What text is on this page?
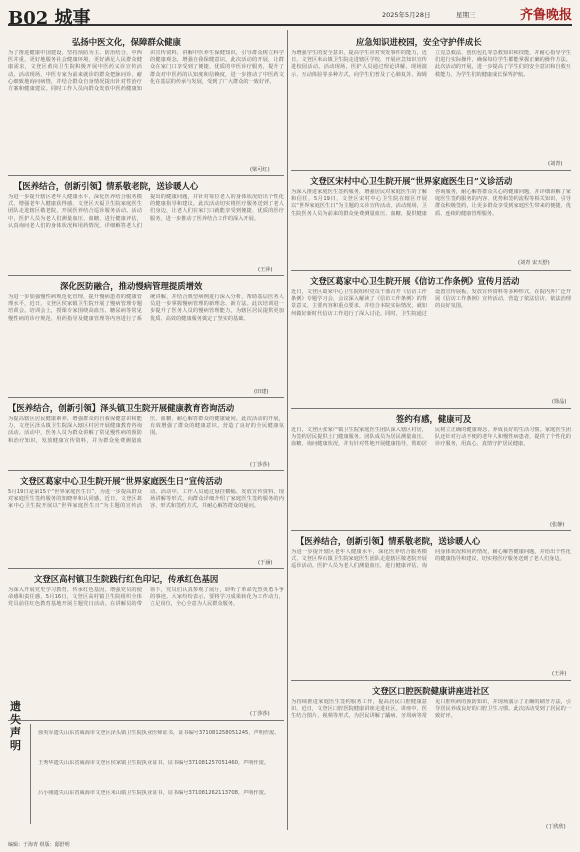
B02 城事	2025年5月28日	星期三	齐鲁晚报
弘扬中医文化，保障群众健康
为了推进健康中国建设，坚持预防为主、防治结合，中西医并重，更好地服务社会健康环境，更好满足人民群众健康需求，文登区黄岗卫生院积极开展中医药义诊宣传活动。活动现场，中医专家为前来就诊的群众把脉问诊，耐心细致地询问病情，并结合群众自身情况提出针对性治疗方案和健康建议。同时工作人员向群众发放中医药健康知识宣传资料，讲解中医养生保健知识，引导群众树立科学的健康观念，增强自我保健意识。此次活动的开展，让群众在家门口享受到了便捷、优质的中医诊疗服务，提升了群众对中医药的认知度和信赖度，进一步推动了中医药文化在基层的传承与发展，受到了广大群众的一致好评。
(梁可红)
应急知识进校园，安全守护伴成长
为增强学生的安全意识，提高学生应对突发事件的能力，近日，文登区米山镇卫生院走进辖区学校，开展应急知识宣传进校园活动。活动现场，医护人员通过理论讲解、现场演示、互动体验等多种方式，向学生们普及了心肺复苏、海姆立克急救法、创伤包扎等急救知识和技能，并耐心指导学生们进行实际操作，确保每位学生都能掌握正确的操作方法。此次活动的开展，进一步提高了学生们的安全意识和自救互救能力，为学生们的健康成长保驾护航。
(刘青)
【医养结合，创新引领】情系敬老院，送诊暖人心
为进一步提升辖区老年人健康水平，深化医养结合服务模式，增强老年人健康获得感，文登区天福卫生院家庭医生团队走进辖区敬老院，开展医养结合巡诊服务活动。活动中，医护人员为老人们测量血压、血糖，进行健康评估，认真询问老人们的身体状况和用药情况，详细解答老人们提出的健康问题，并针对每位老人的身体状况给出个性化的健康指导和建议。此次活动切实将医疗服务送到了老人们身边，让老人们在家门口就能享受到便捷、优质的医疗服务，进一步推动了医养结合工作的深入开展。
(王萍)
文登区宋村中心卫生院开展“世界家庭医生日”义诊活动
为深入推进家庭医生签约服务，增强居民对家庭医生的了解和信任，5月19日，文登区宋村中心卫生院在辖区开展以“世界家庭医生日”为主题的义诊宣传活动。活动现场，卫生院医务人员为前来的群众免费测量血压、血糖，提供健康咨询服务，耐心解答群众关心的健康问题，并详细讲解了家庭医生签约服务的内容、优势和签约流程等相关知识，引导群众积极签约，让更多群众享受到家庭医生带来的便捷、优质、连续的健康管理服务。
(刘青 宋天舒)
深化医防融合，推动慢病管理提质增效
为进一步加强慢性病规范化管理，提升慢病患者的健康管理水平，近日，文登区侯家镇卫生院开展了慢病管理专题培训会。培训会上，授课专家围绕高血压、糖尿病等常见慢性病的诊疗规范、用药指导及健康管理等内容进行了系统讲解，并结合典型病例进行深入分析，帮助基层医务人员进一步掌握慢病管理的新理念、新方法。此次培训进一步提升了医务人员的慢病管理能力，为辖区居民提供更加优质、高效的健康服务奠定了坚实的基础。
(田建)
文登区葛家中心卫生院开展《信访工作条例》宣传月活动
近日，文登区葛家中心卫生院组织党员干部召开《信访工作条例》专题学习会，会议深入解读了《信访工作条例》的背景意义、主要内容和重点要求，并结合本院实际情况，就如何做好新时代信访工作进行了深入讨论。同时，卫生院通过设置宣传展板、发放宣传资料等多种形式，在院内外广泛开展《信访工作条例》宣传活动，营造了依法信访、依法治理的良好氛围。
(徐晶)
【医养结合，创新引领】泽头镇卫生院开展健康教育咨询活动
为提高辖区居民健康素养，增强群众的自我保健意识和能力，文登区泽头镇卫生院深入辖区村居开展健康教育咨询活动。活动中，医务人员为群众讲解了常见慢性病的预防和治疗知识，发放健康宣传资料，并为群众免费测量血压、血糖，耐心解答群众的健康疑问。此次活动的开展，有效增强了群众的健康意识，营造了良好的全民健康氛围。
(丁莎莎)
签约有感，健康可及
近日，文登区张家产镇卫生院家庭医生团队深入辖区村居，为签约居民提供上门健康服务。团队成员为居民测量血压、血糖，询问健康状况，并有针对性地开展健康指导，帮助居民树立正确的健康观念，养成良好的生活习惯。家庭医生团队还针对行动不便的老年人和慢性病患者，提供了个性化的诊疗服务，用真心、真情守护居民健康。
(张静)
文登区葛家中心卫生院开展“世界家庭医生日”宣传活动
5月19日是第15个“世界家庭医生日”，为进一步提高群众对家庭医生签约服务的知晓率和认同感，近日，文登区葛家中心卫生院开展以“世界家庭医生日”为主题的宣传活动。活动中，工作人员通过悬挂横幅、发放宣传资料、现场讲解等形式，向群众详细介绍了家庭医生签约服务的内容、形式和签约方式，并耐心解答群众的疑问。
(于涵)
【医养结合，创新引领】情系敬老院，送诊暖人心
为进一步提升辖区老年人健康水平，深化医养结合服务模式，文登区界石镇卫生院家庭医生团队走进辖区敬老院开展巡诊活动。医护人员为老人们测量血压，进行健康评估，询问身体状况和用药情况，耐心解答健康问题，并给出个性化的健康指导和建议，切实将医疗服务送到了老人们身边。
(王萍)
文登区高村镇卫生院践行红色印记，传承红色基因
为深入开展党史学习教育，传承红色基因，增强党员的使命感和责任感，5月16日，文登区高村镇卫生院组织全体党员前往红色教育基地开展主题党日活动。在讲解员的带领下，党员们认真参观了展厅，聆听了革命先烈英勇斗争的事迹。大家纷纷表示，要将学习成果转化为工作动力，立足岗位，全心全意为人民群众服务。
(丁莎莎)
文登区口腔医院健康讲座进社区
为持续推进家庭医生签约服务工作，提高居民口腔健康意识，近日，文登区口腔医院健康讲座走进社区。讲座中，医生结合图片、视频等形式，为居民讲解了龋病、牙周病等常见口腔疾病的预防知识，并现场演示了正确的刷牙方法，引导居民养成良好的口腔卫生习惯。此次活动受到了居民的一致好评。
(丁欣欣)
遗失声明
徐英军遗失山东省威海市文登区泽头镇卫生院执业医师证书，证书编号371081258051245，声明作废。
王秀华遗失山东省威海市文登区侯家镇卫生院执业证书，证书编号371081257051460，声明作废。
吕小刚遗失山东省威海市文登区米山镇卫生院执业证书，证书编号371081262113708，声明作废。
编辑：于海青 组版：邸舒明
